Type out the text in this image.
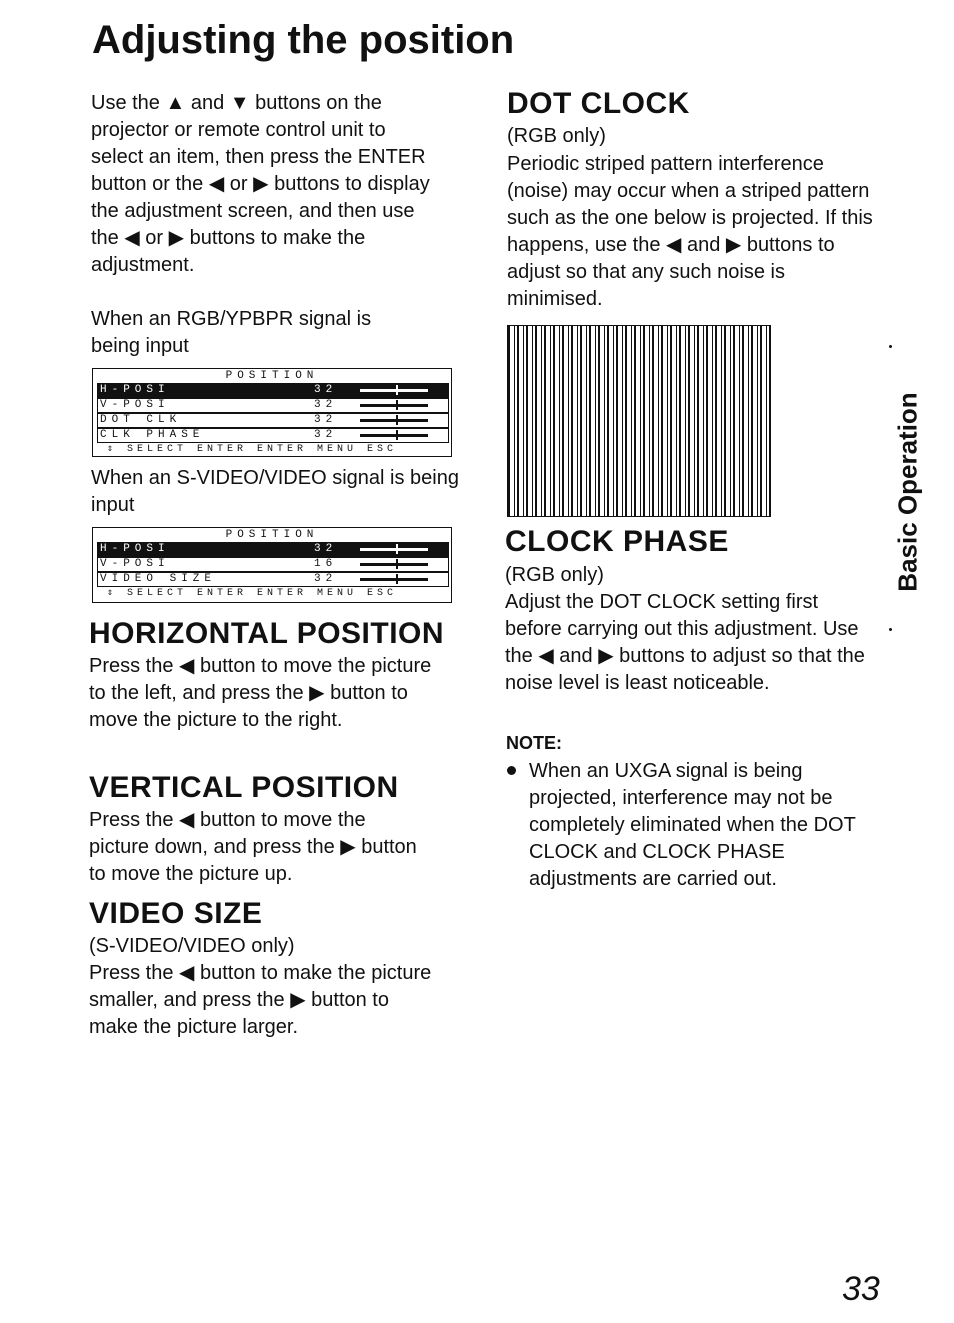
Adjusting the position
Use the ▲ and ▼ buttons on the projector or remote control unit to select an item, then press the ENTER button or the ◀ or ▶ buttons to display the adjustment screen, and then use the ◀ or ▶ buttons to make the adjustment.
When an RGB/YPBPR signal is being input
POSITION
H-POSI	32
V-POSI	32
DOT CLK	32
CLK PHASE	32
⇕ SELECT ENTER ENTER MENU ESC
When an S-VIDEO/VIDEO signal is being input
POSITION
H-POSI	32
V-POSI	16
VIDEO SIZE	32
⇕ SELECT ENTER ENTER MENU ESC
HORIZONTAL POSITION
Press the ◀ button to move the picture to the left, and press the ▶ button to move the picture to the right.
VERTICAL POSITION
Press the ◀ button to move the picture down, and press the ▶ button to move the picture up.
VIDEO SIZE
(S-VIDEO/VIDEO only)
Press the ◀ button to make the picture smaller, and press the ▶ button to make the picture larger.
DOT CLOCK
(RGB only)
Periodic striped pattern interference (noise) may occur when a striped pattern such as the one below is projected. If this happens, use the ◀ and ▶ buttons to adjust so that any such noise is minimised.
CLOCK PHASE
(RGB only)
Adjust the DOT CLOCK setting first before carrying out this adjustment. Use the ◀ and ▶ buttons to adjust so that the noise level is least noticeable.
NOTE:
When an UXGA signal is being projected, interference may not be completely eliminated when the DOT CLOCK and CLOCK PHASE adjustments are carried out.
Basic Operation
33
